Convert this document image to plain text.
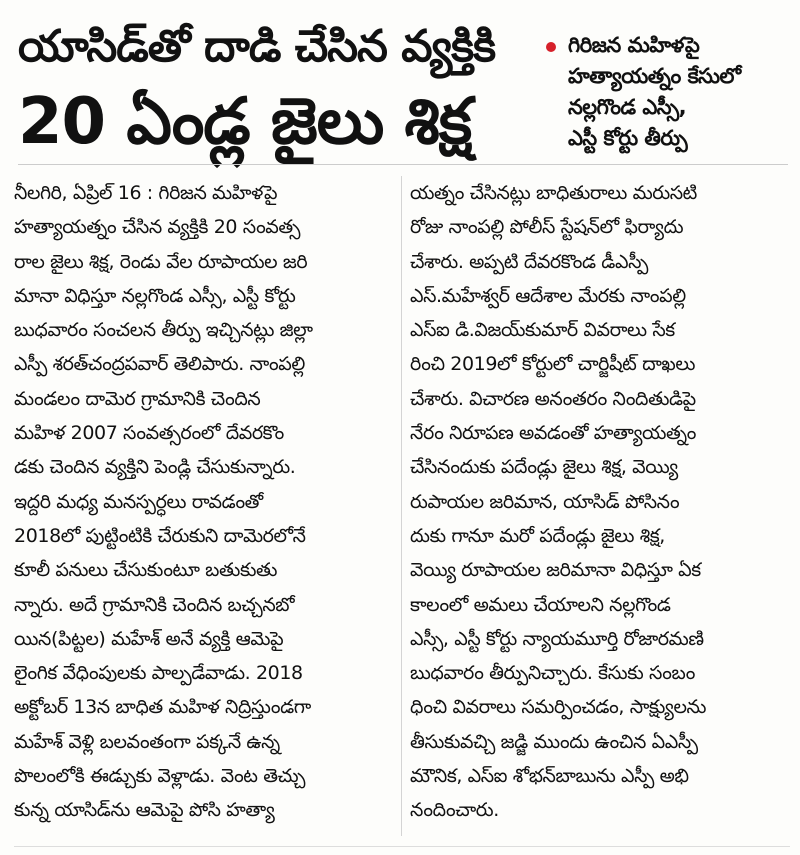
యాసిడ్‌తో దాడి చేసిన వ్యక్తికి
20 ఏండ్ల జైలు శిక్ష
గిరిజన మహిళపై
హత్యాయత్నం కేసులో
నల్లగొండ ఎస్సీ,
ఎస్టీ కోర్టు తీర్పు
నీలగిరి, ఏప్రిల్ 16 : గిరిజన మహిళపై
హత్యాయత్నం చేసిన వ్యక్తికి 20 సంవత్స
రాల జైలు శిక్ష, రెండు వేల రూపాయల జరి
మానా విధిస్తూ నల్లగొండ ఎస్సీ, ఎస్టీ కోర్టు
బుధవారం సంచలన తీర్పు ఇచ్చినట్లు జిల్లా
ఎస్పీ శరత్‌చంద్రపవార్ తెలిపారు. నాంపల్లి
మండలం దామెర గ్రామానికి చెందిన
మహిళ 2007 సంవత్సరంలో దేవరకొం
డకు చెందిన వ్యక్తిని పెండ్లి చేసుకున్నారు.
ఇద్దరి మధ్య మనస్పర్ధలు రావడంతో
2018లో పుట్టింటికి చేరుకుని దామెరలోనే
కూలీ పనులు చేసుకుంటూ బతుకుతు
న్నారు. అదే గ్రామానికి చెందిన బచ్చనబో
యిన(పిట్టల) మహేశ్ అనే వ్యక్తి ఆమెపై
లైంగిక వేధింపులకు పాల్పడేవాడు. 2018
అక్టోబర్ 13న బాధిత మహిళ నిద్రిస్తుండగా
మహేశ్ వెళ్లి బలవంతంగా పక్కనే ఉన్న
పొలంలోకి ఈడ్చుకు వెళ్లాడు. వెంట తెచ్చు
కున్న యాసిడ్‌ను ఆమెపై పోసి హత్యా
యత్నం చేసినట్లు బాధితురాలు మరుసటి
రోజు నాంపల్లి పోలీస్ స్టేషన్‌లో ఫిర్యాదు
చేశారు. అప్పటి దేవరకొండ డీఎస్పీ
ఎస్.మహేశ్వర్ ఆదేశాల మేరకు నాంపల్లి
ఎస్ఐ డి.విజయ్‌కుమార్ వివరాలు సేక
రించి 2019లో కోర్టులో చార్జిషీట్ దాఖలు
చేశారు. విచారణ అనంతరం నిందితుడిపై
నేరం నిరూపణ అవడంతో హత్యాయత్నం
చేసినందుకు పదేండ్లు జైలు శిక్ష, వెయ్యి
రుపాయల జరిమాన, యాసిడ్ పోసినం
దుకు గానూ మరో పదేండ్లు జైలు శిక్ష,
వెయ్యి రూపాయల జరిమానా విధిస్తూ ఏక
కాలంలో అమలు చేయాలని నల్లగొండ
ఎస్సీ, ఎస్టీ కోర్టు న్యాయమూర్తి రోజారమణి
బుధవారం తీర్పునిచ్చారు. కేసుకు సంబం
ధించి వివరాలు సమర్పించడం, సాక్ష్యులను
తీసుకువచ్చి జడ్జి ముందు ఉంచిన ఏఎస్పీ
మౌనిక, ఎస్ఐ శోభన్‌బాబును ఎస్పీ అభి
నందించారు.
